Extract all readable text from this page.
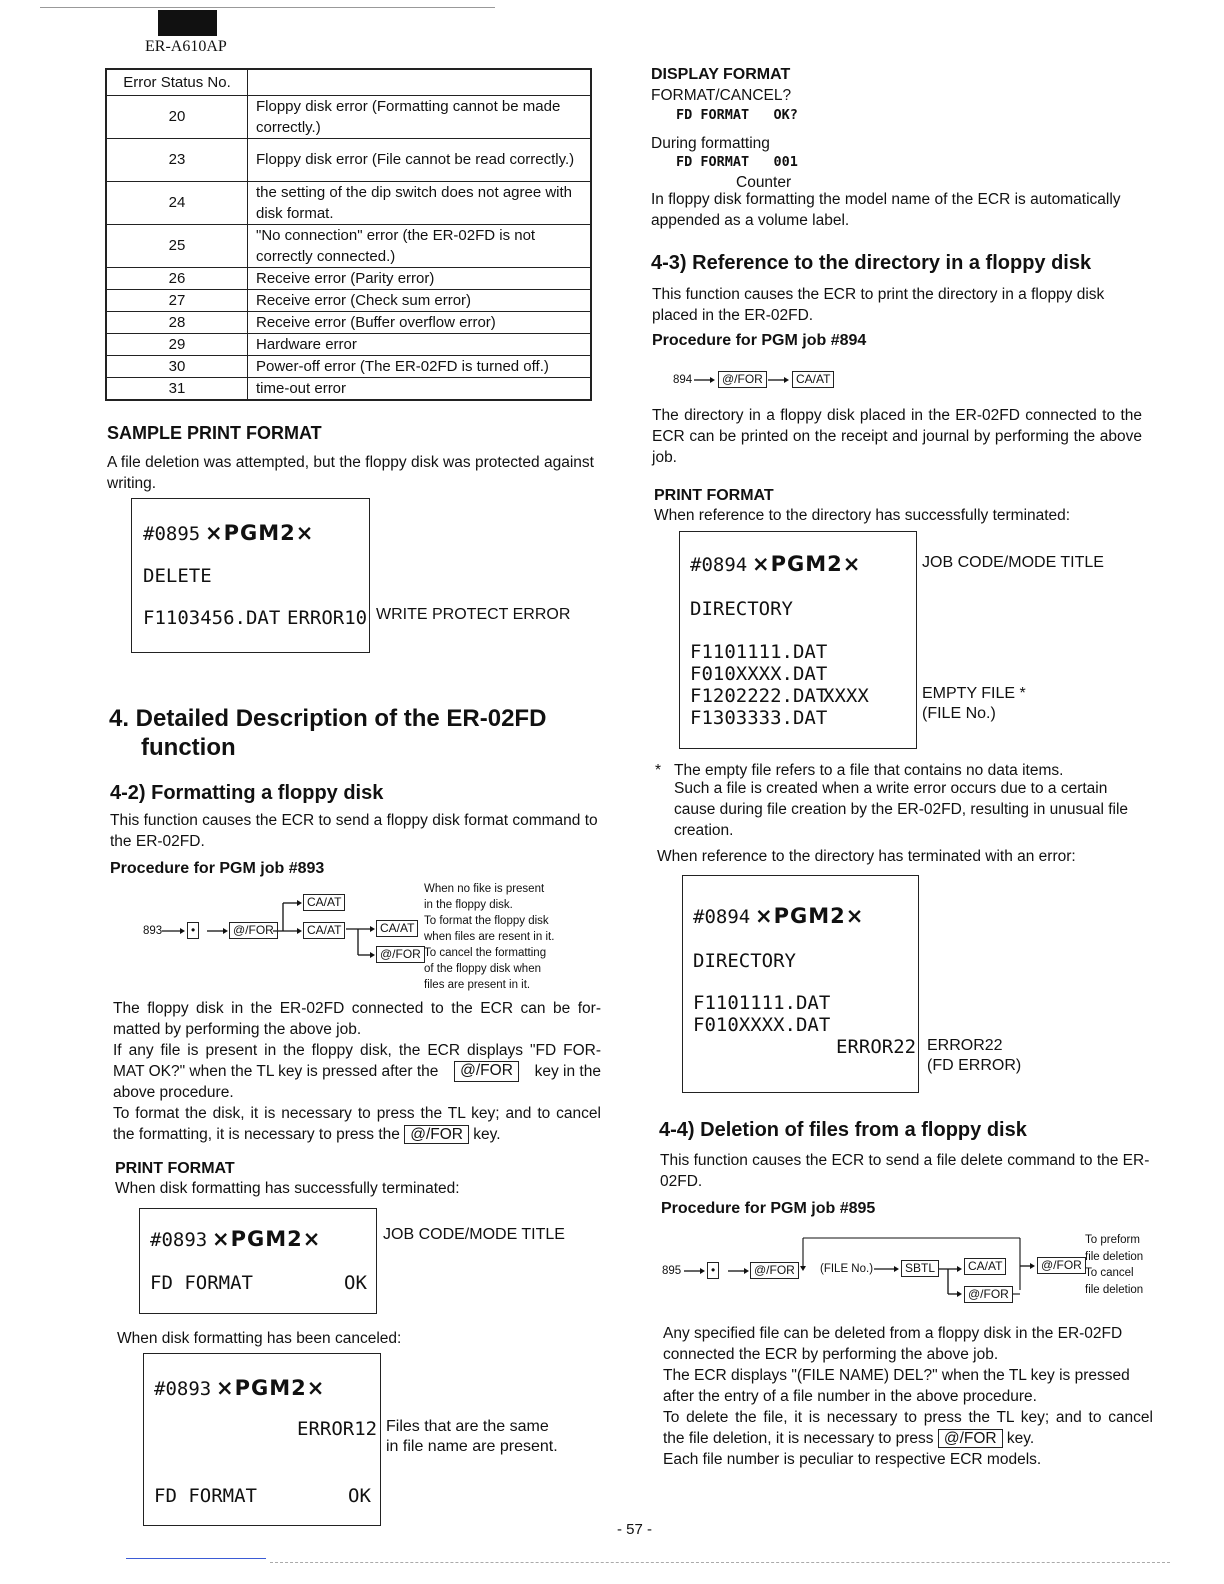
ER-A610AP
Error Status No.	
20	Floppy disk error (Formatting cannot be made correctly.)
23	Floppy disk error (File cannot be read correctly.)
24	the setting of the dip switch does not agree with disk format.
25	"No connection" error (the ER-02FD is not correctly connected.)
26	Receive error (Parity error)
27	Receive error (Check sum error)
28	Receive error (Buffer overflow error)
29	Hardware error
30	Power-off error (The ER-02FD is turned off.)
31	time-out error
SAMPLE PRINT FORMAT

A file deletion was attempted, but the floppy disk was protected against writing.

#0895 ×PGM2×
DELETE
F1103456.DAT ERROR10 WRITE PROTECT ERROR
4. Detailed Description of the ER-02FD
function
4-2) Formatting a floppy disk

This function causes the ECR to send a floppy disk format command to the ER-02FD.

Procedure for PGM job #893
893	•	@/FOR
CA/AT
CA/AT	CA/AT
@/FOR
When no fike is present
in the floppy disk.
To format the floppy disk
when files are resent in it.
To cancel the formatting
of the floppy disk when
files are present in it.

The floppy disk in the ER-02FD connected to the ECR can be for-

matted by performing the above job.

If any file is present in the floppy disk, the ECR displays "FD FOR-

MAT OK?" when the TL key is pressed after the	@/FOR	key in the

above procedure.

To format the disk, it is necessary to press the TL key; and to cancel

the formatting, it is necessary to press the @/FOR key.

PRINT FORMAT
When disk formatting has successfully terminated:
#0893 ×PGM2×
FD FORMAT	OK
JOB CODE/MODE TITLE
When disk formatting has been canceled:
#0893 ×PGM2×
ERROR12
FD FORMAT	OK
Files that are the same
in file name are present.
DISPLAY FORMAT
FORMAT/CANCEL?
FD FORMAT   OK?
During formatting
FD FORMAT   001
Counter

In floppy disk formatting the model name of the ECR is automatically appended as a volume label.

4-3) Reference to the directory in a floppy disk

This function causes the ECR to print the directory in a floppy disk placed in the ER-02FD.

Procedure for PGM job #894
894	@/FOR	CA/AT

The directory in a floppy disk placed in the ER-02FD connected to the ECR can be printed on the receipt and journal by performing the above job.

PRINT FORMAT
When reference to the directory has successfully terminated:
#0894 ×PGM2×
DIRECTORY
F1101111.DAT
F010XXXX.DAT
F1202222.DAT
XXXX
F1303333.DAT
JOB CODE/MODE TITLE
EMPTY FILE *
(FILE No.)
* The empty file refers to a file that contains no data items.

Such a file is created when a write error occurs due to a certain cause during file creation by the ER-02FD, resulting in unusual file creation.

When reference to the directory has terminated with an error:
#0894 ×PGM2×
DIRECTORY
F1101111.DAT
F010XXXX.DAT
ERROR22 ERROR22
(FD ERROR)
4-4) Deletion of files from a floppy disk

This function causes the ECR to send a file delete command to the ER-02FD.

Procedure for PGM job #895
895	•	@/FOR	(FILE No.)	SBTL	CA/AT
@/FOR
@/FOR
To preform
file deletion
To cancel
file deletion

Any specified file can be deleted from a floppy disk in the ER-02FD connected the ECR by performing the above job.

The ECR displays "(FILE NAME) DEL?" when the TL key is pressed after the entry of a file number in the above procedure.

To delete the file, it is necessary to press the TL key; and to cancel

the file deletion, it is necessary to press @/FOR key.

Each file number is peculiar to respective ECR models.

- 57 -
